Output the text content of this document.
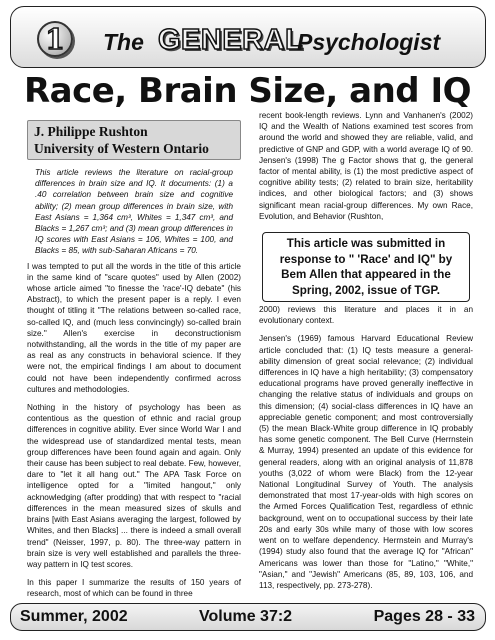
1 The GENERAL
Psychologist
Race, Brain Size, and IQ
J. Philippe Rushton
University of Western Ontario

This article reviews the literature on racial-group differences in brain size and IQ. It documents: (1) a .40 correlation between brain size and cognitive ability; (2) mean group differences in brain size, with East Asians = 1,364 cm³, Whites = 1,347 cm³, and Blacks = 1,267 cm³; and (3) mean group differences in IQ scores with East Asians = 106, Whites = 100, and Blacks = 85, with sub-Saharan Africans = 70.

I was tempted to put all the words in the title of this article in the same kind of "scare quotes" used by Allen (2002) whose article aimed "to finesse the 'race'-IQ debate" (his Abstract), to which the present paper is a reply. I even thought of titling it "The relations between so-called race, so-called IQ, and (much less convincingly) so-called brain size." Allen's exercise in deconstructionism notwithstanding, all the words in the title of my paper are as real as any constructs in behavioral science. If they were not, the empirical findings I am about to document could not have been independently confirmed across cultures and methodologies.

Nothing in the history of psychology has been as contentious as the question of ethnic and racial group differences in cognitive ability. Ever since World War I and the widespread use of standardized mental tests, mean group differences have been found again and again. Only their cause has been subject to real debate. Few, however, dare to "let it all hang out." The APA Task Force on intelligence opted for a "limited hangout," only acknowledging (after prodding) that with respect to "racial differences in the mean measured sizes of skulls and brains [with East Asians averaging the largest, followed by Whites, and then Blacks] ... there is indeed a small overall trend" (Neisser, 1997, p. 80). The three-way pattern in brain size is very well established and parallels the three-way pattern in IQ test scores.

In this paper I summarize the results of 150 years of research, most of which can be found in three

recent book-length reviews. Lynn and Vanhanen's (2002) IQ and the Wealth of Nations examined test scores from around the world and showed they are reliable, valid, and predictive of GNP and GDP, with a world average IQ of 90. Jensen's (1998) The g Factor shows that g, the general factor of mental ability, is (1) the most predictive aspect of cognitive ability tests; (2) related to brain size, heritability indices, and other biological factors; and (3) shows significant mean racial-group differences. My own Race, Evolution, and Behavior (Rushton,

2000) reviews this literature and places it in an evolutionary context.

Jensen's (1969) famous Harvard Educational Review article concluded that: (1) IQ tests measure a general-ability dimension of great social relevance; (2) individual differences in IQ have a high heritability; (3) compensatory educational programs have proved generally ineffective in changing the relative status of individuals and groups on this dimension; (4) social-class differences in IQ have an appreciable genetic component; and most controversially (5) the mean Black-White group difference in IQ probably has some genetic component. The Bell Curve (Herrnstein & Murray, 1994) presented an update of this evidence for general readers, along with an original analysis of 11,878 youths (3,022 of whom were Black) from the 12-year National Longitudinal Survey of Youth. The analysis demonstrated that most 17-year-olds with high scores on the Armed Forces Qualification Test, regardless of ethnic background, went on to occupational success by their late 20s and early 30s while many of those with low scores went on to welfare dependency. Herrnstein and Murray's (1994) study also found that the average IQ for "African" Americans was lower than those for "Latino," "White," "Asian," and "Jewish" Americans (85, 89, 103, 106, and 113, respectively, pp. 273-278).

This article was submitted in response to " 'Race' and IQ" by Bem Allen that appeared in the Spring, 2002, issue of TGP.
Summer, 2002	Volume 37:2	Pages 28 - 33
